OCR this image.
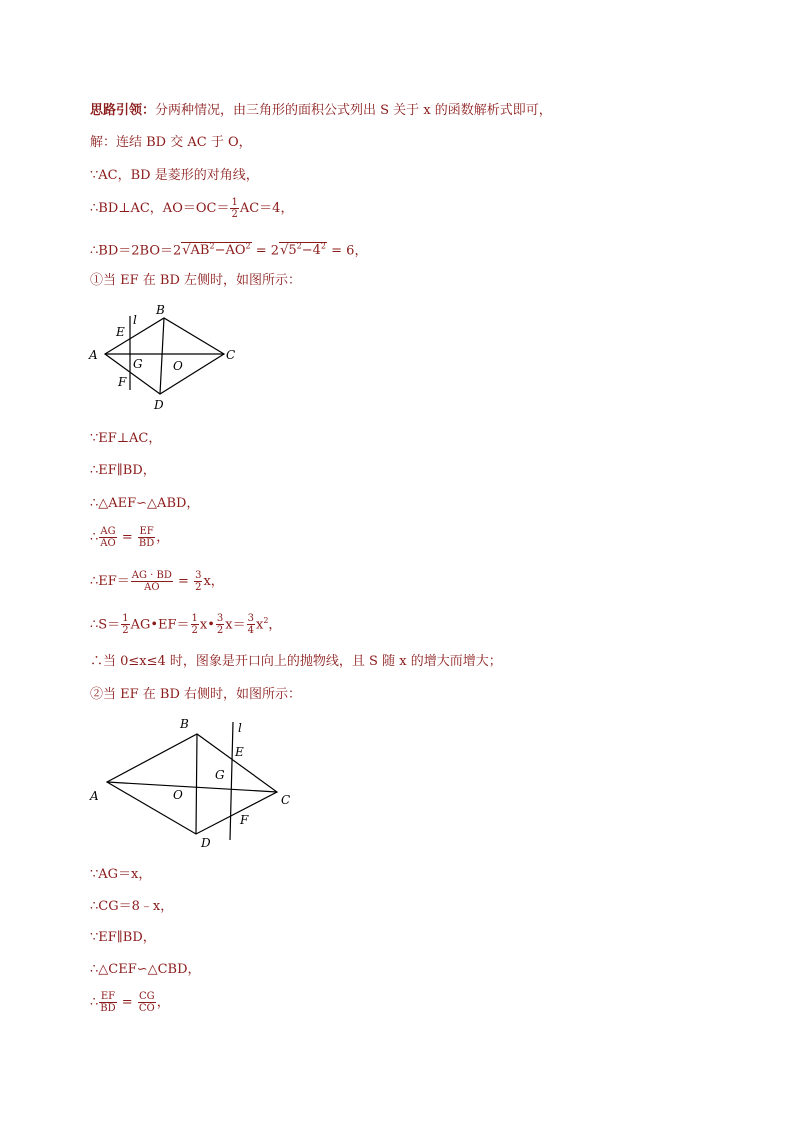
思路引领：分两种情况，由三角形的面积公式列出 S 关于 x 的函数解析式即可，
解：连结 BD 交 AC 于 O，
∵AC，BD 是菱形的对角线，
∴BD⊥AC，$AO=OC= \frac{1}{2} AC=4$，
$\therefore BD=2BO=2√AB^2-AO^2 = 2√5^2-4^2 = 6$，
①当 EF 在 BD 左侧时，如图所示：
A
B
C
D
E
F
G	O
l
∵EF⊥AC，
∴EF∥BD，
∴△AEF∽△ABD，
∴ $\frac{AG}{AO} = \frac{EF}{BD}$ ，
∴EF＝ $\frac{AG \cdot BD}{AO} = \frac{3}{2}$ x，
∴S＝ $\frac{1}{2}$ AG•EF＝ $\frac{1}{2}$ x• $\frac{3}{2} x= \frac{3}{4} x^2$，
∴当 0≤x≤4 时，图象是开口向上的抛物线，且 S 随 x 的增大而增大；
②当 EF 在 BD 右侧时，如图所示：
A
B
C
D
E
F
G
O
l
∵AG＝x，
∴CG＝8﹣x，
∵EF∥BD，
∴△CEF∽△CBD，
∴ $\frac{EF}{BD} = \frac{CG}{CO}$ ，
